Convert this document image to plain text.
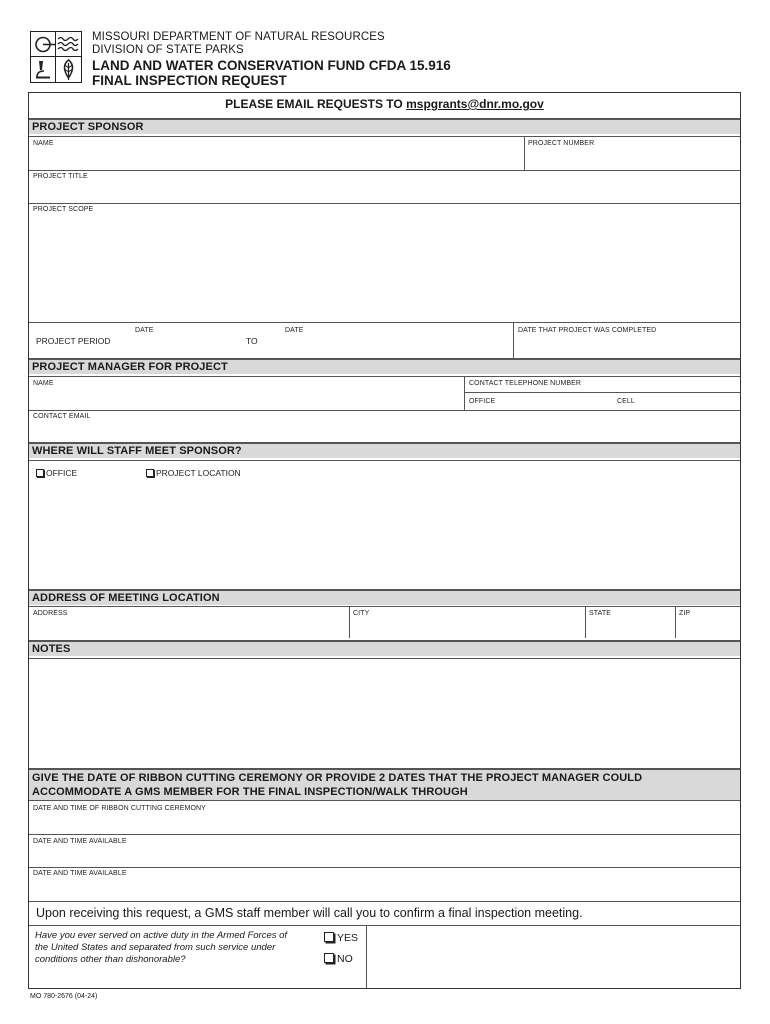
MISSOURI DEPARTMENT OF NATURAL RESOURCES
DIVISION OF STATE PARKS
LAND AND WATER CONSERVATION FUND CFDA 15.916
FINAL INSPECTION REQUEST
PLEASE EMAIL REQUESTS TO mspgrants@dnr.mo.gov
PROJECT SPONSOR
NAME	PROJECT NUMBER
PROJECT TITLE
PROJECT SCOPE
DATE	DATE
PROJECT PERIOD	TO
DATE THAT PROJECT WAS COMPLETED
PROJECT MANAGER FOR PROJECT
NAME	CONTACT TELEPHONE NUMBER
OFFICE	CELL
CONTACT EMAIL
WHERE WILL STAFF MEET SPONSOR?
OFFICE	PROJECT LOCATION
ADDRESS OF MEETING LOCATION
ADDRESS	CITY	STATE	ZIP
NOTES
GIVE THE DATE OF RIBBON CUTTING CEREMONY OR PROVIDE 2 DATES THAT THE PROJECT MANAGER COULD
ACCOMMODATE A GMS MEMBER FOR THE FINAL INSPECTION/WALK THROUGH
DATE AND TIME OF RIBBON CUTTING CEREMONY
DATE AND TIME AVAILABLE
DATE AND TIME AVAILABLE
Upon receiving this request, a GMS staff member will call you to confirm a final inspection meeting.
Have you ever served on active duty in the Armed Forces of
the United States and separated from such service under
conditions other than dishonorable?
YES
NO
MO 780-2676 (04-24)
